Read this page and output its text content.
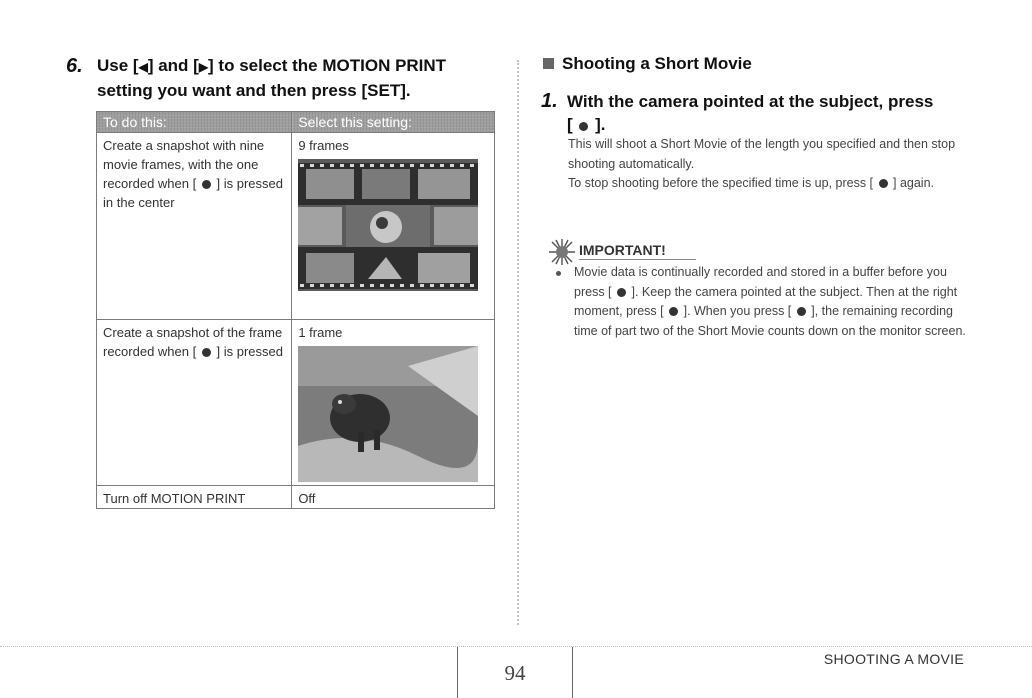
6. Use [◀] and [▶] to select the MOTION PRINT
setting you want and then press [SET].
To do this:	Select this setting:
Create a snapshot with nine movie frames, with the one recorded when [ ] is pressed in the center	9 frames

Create a snapshot of the frame recorded when [ ] is pressed	1 frame

Turn off MOTION PRINT	Off
Shooting a Short Movie
1. With the camera pointed at the subject, press
[ ].
This will shoot a Short Movie of the length you specified and then stop shooting automatically.
To stop shooting before the specified time is up, press [ ] again.
IMPORTANT!
Movie data is continually recorded and stored in a buffer before you press [ ]. Keep the camera pointed at the subject. Then at the right moment, press [ ]. When you press [ ], the remaining recording time of part two of the Short Movie counts down on the monitor screen.
94
SHOOTING A MOVIE
